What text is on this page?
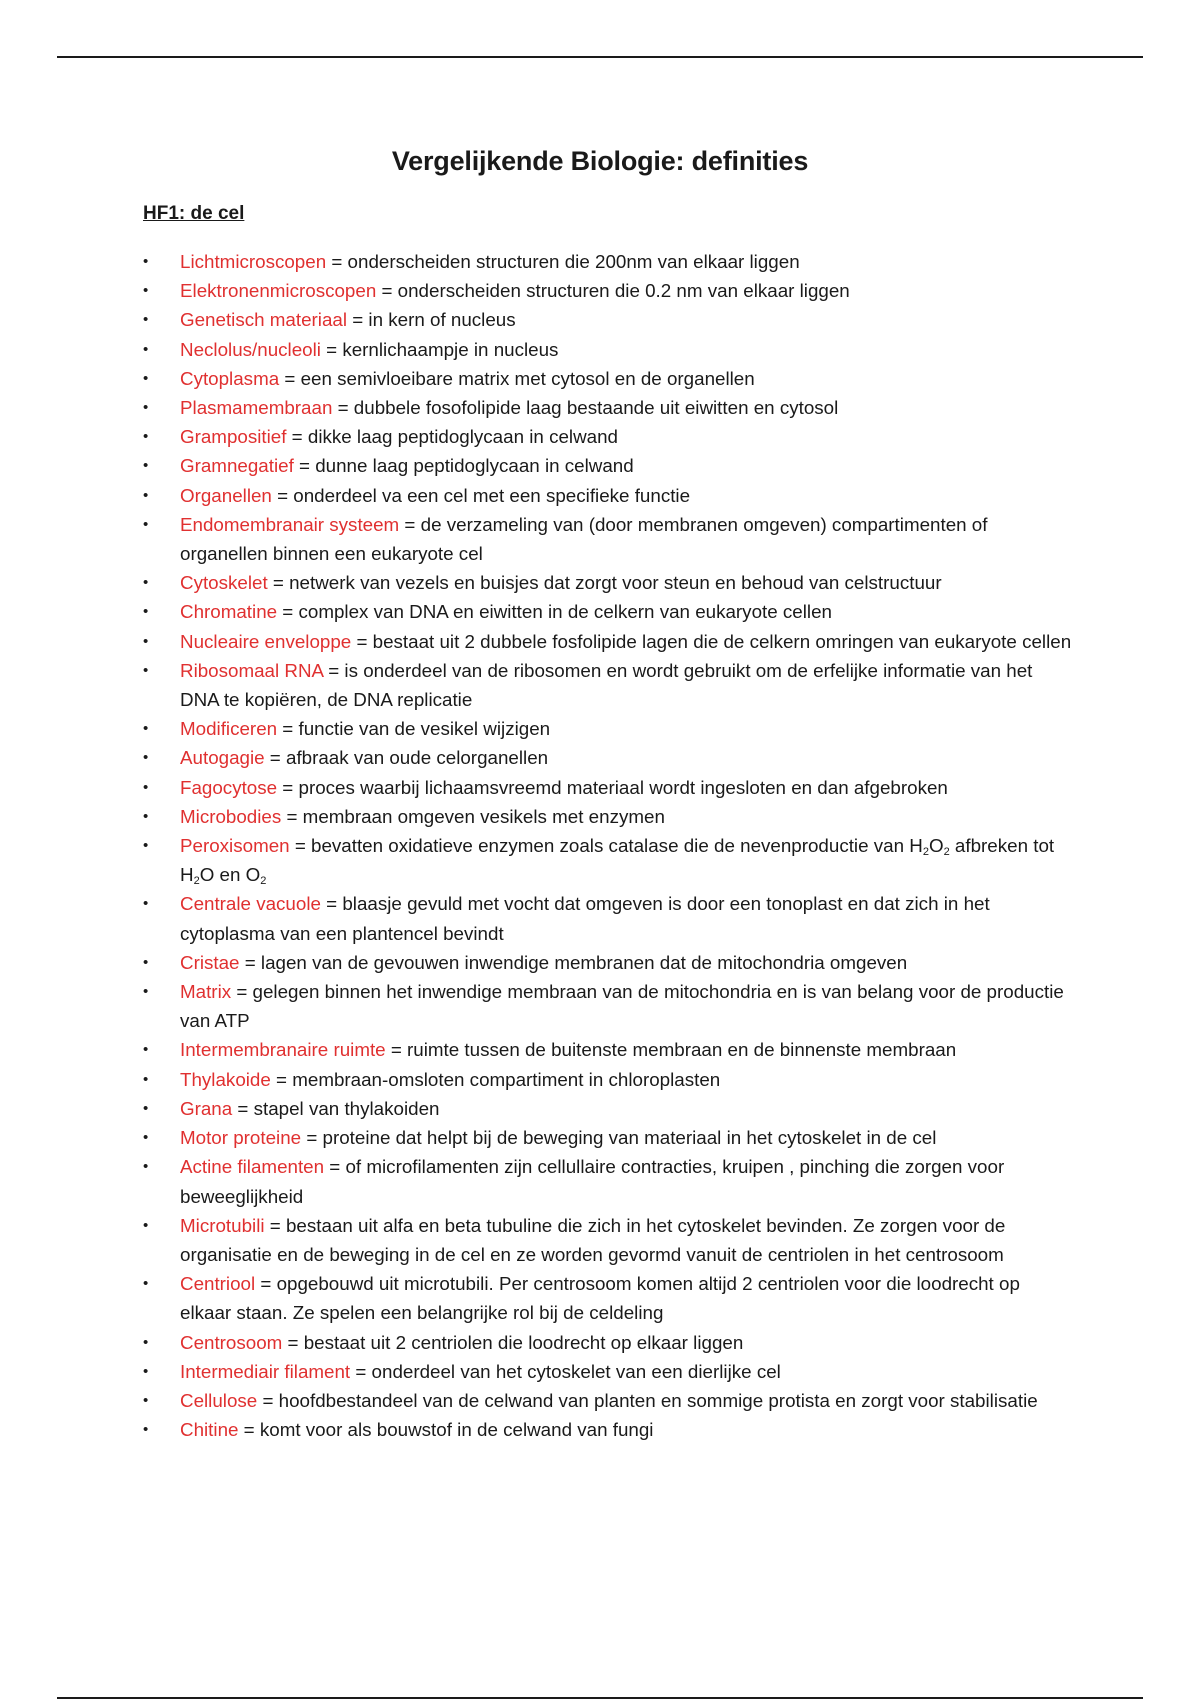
Vergelijkende Biologie: definities
HF1: de cel
• Lichtmicroscopen = onderscheiden structuren die 200nm van elkaar liggen
• Elektronenmicroscopen = onderscheiden structuren die 0.2 nm van elkaar liggen
• Genetisch materiaal = in kern of nucleus
• Neclolus/nucleoli = kernlichaampje in nucleus
• Cytoplasma = een semivloeibare matrix met cytosol en de organellen
• Plasmamembraan = dubbele fosofolipide laag bestaande uit eiwitten en cytosol
• Grampositief = dikke laag peptidoglycaan in celwand
• Gramnegatief = dunne laag peptidoglycaan in celwand
• Organellen = onderdeel va een cel met een specifieke functie
• Endomembranair systeem = de verzameling van (door membranen omgeven) compartimenten of organellen binnen een eukaryote cel
• Cytoskelet = netwerk van vezels en buisjes dat zorgt voor steun en behoud van celstructuur
• Chromatine = complex van DNA en eiwitten in de celkern van eukaryote cellen
• Nucleaire enveloppe = bestaat uit 2 dubbele fosfolipide lagen die de celkern omringen van eukaryote cellen
• Ribosomaal RNA = is onderdeel van de ribosomen en wordt gebruikt om de erfelijke informatie van het DNA te kopiëren, de DNA replicatie
• Modificeren = functie van de vesikel wijzigen
• Autogagie = afbraak van oude celorganellen
• Fagocytose = proces waarbij lichaamsvreemd materiaal wordt ingesloten en dan afgebroken
• Microbodies = membraan omgeven vesikels met enzymen
• Peroxisomen = bevatten oxidatieve enzymen zoals catalase die de nevenproductie van $H_2O_2$ afbreken tot $H_2O$ en $O_2$
• Centrale vacuole = blaasje gevuld met vocht dat omgeven is door een tonoplast en dat zich in het cytoplasma van een plantencel bevindt
• Cristae = lagen van de gevouwen inwendige membranen dat de mitochondria omgeven
• Matrix = gelegen binnen het inwendige membraan van de mitochondria en is van belang voor de productie van ATP
• Intermembranaire ruimte = ruimte tussen de buitenste membraan en de binnenste membraan
• Thylakoide = membraan-omsloten compartiment in chloroplasten
• Grana = stapel van thylakoiden
• Motor proteine = proteine dat helpt bij de beweging van materiaal in het cytoskelet in de cel
• Actine filamenten = of microfilamenten zijn cellullaire contracties, kruipen , pinching die zorgen voor beweeglijkheid
• Microtubili = bestaan uit alfa en beta tubuline die zich in het cytoskelet bevinden. Ze zorgen voor de organisatie en de beweging in de cel en ze worden gevormd vanuit de centriolen in het centrosoom
• Centriool = opgebouwd uit microtubili. Per centrosoom komen altijd 2 centriolen voor die loodrecht op elkaar staan. Ze spelen een belangrijke rol bij de celdeling
• Centrosoom = bestaat uit 2 centriolen die loodrecht op elkaar liggen
• Intermediair filament = onderdeel van het cytoskelet van een dierlijke cel
• Cellulose = hoofdbestandeel van de celwand van planten en sommige protista en zorgt voor stabilisatie
• Chitine = komt voor als bouwstof in de celwand van fungi
